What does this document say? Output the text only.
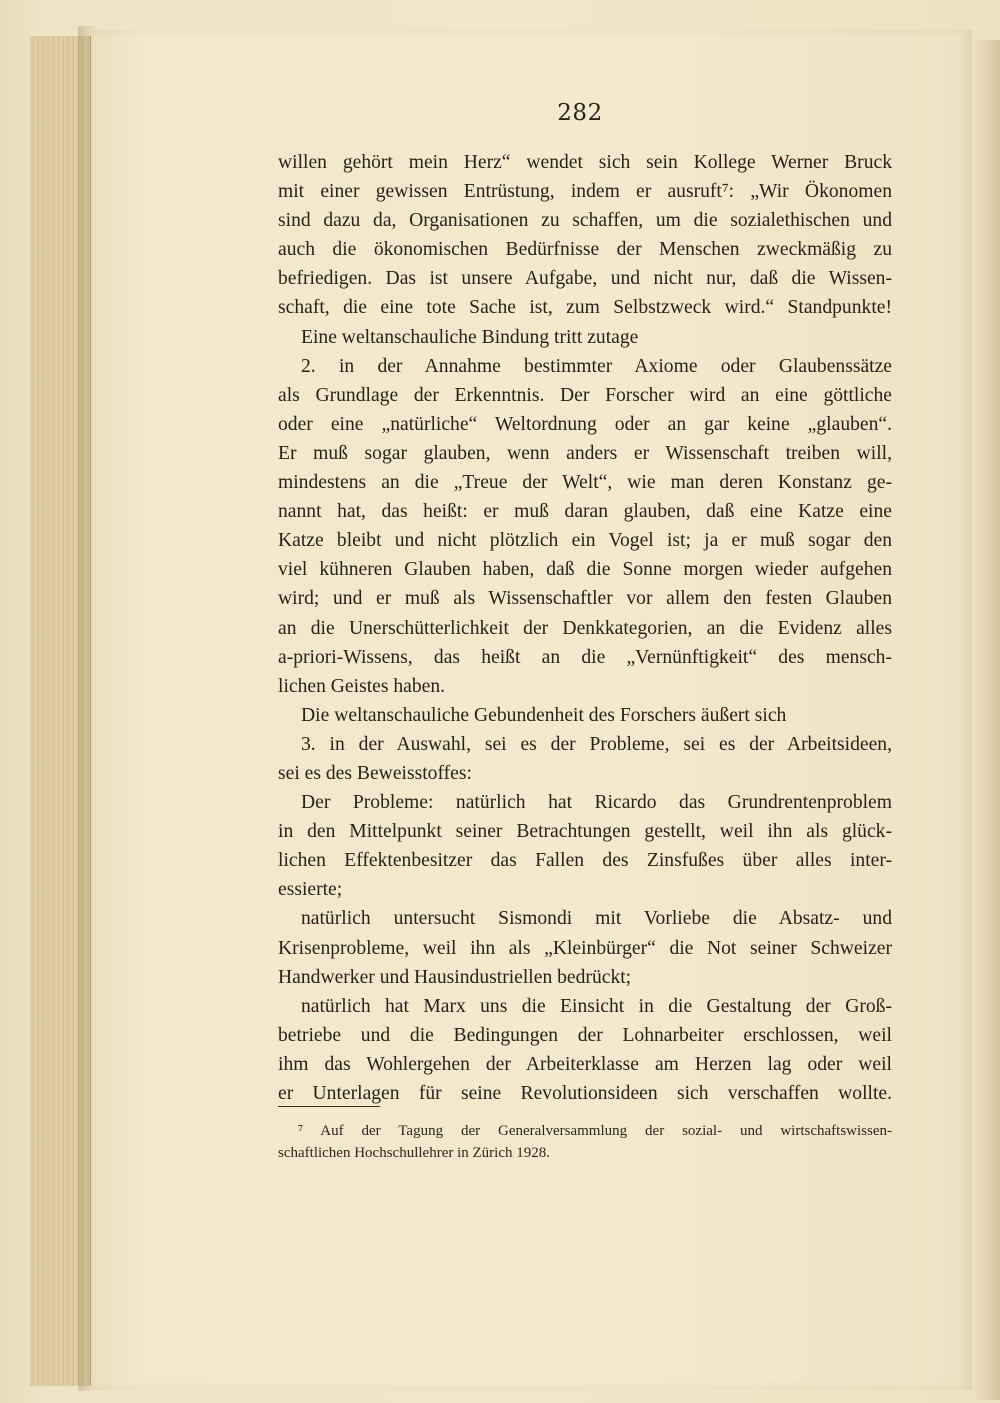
282
willen gehört mein Herz“ wendet sich sein Kollege Werner Bruck
mit einer gewissen Entrüstung, indem er ausruft⁷: „Wir Ökonomen
sind dazu da, Organisationen zu schaffen, um die sozialethischen und
auch die ökonomischen Bedürfnisse der Menschen zweckmäßig zu
befriedigen. Das ist unsere Aufgabe, und nicht nur, daß die Wissen-
schaft, die eine tote Sache ist, zum Selbstzweck wird.“ Standpunkte!
Eine weltanschauliche Bindung tritt zutage
2. in der Annahme bestimmter Axiome oder Glaubenssätze
als Grundlage der Erkenntnis. Der Forscher wird an eine göttliche
oder eine „natürliche“ Weltordnung oder an gar keine „glauben“.
Er muß sogar glauben, wenn anders er Wissenschaft treiben will,
mindestens an die „Treue der Welt“, wie man deren Konstanz ge-
nannt hat, das heißt: er muß daran glauben, daß eine Katze eine
Katze bleibt und nicht plötzlich ein Vogel ist; ja er muß sogar den
viel kühneren Glauben haben, daß die Sonne morgen wieder aufgehen
wird; und er muß als Wissenschaftler vor allem den festen Glauben
an die Unerschütterlichkeit der Denkkategorien, an die Evidenz alles
a-priori-Wissens, das heißt an die „Vernünftigkeit“ des mensch-
lichen Geistes haben.
Die weltanschauliche Gebundenheit des Forschers äußert sich
3. in der Auswahl, sei es der Probleme, sei es der Arbeitsideen,
sei es des Beweisstoffes:
Der Probleme: natürlich hat Ricardo das Grundrentenproblem
in den Mittelpunkt seiner Betrachtungen gestellt, weil ihn als glück-
lichen Effektenbesitzer das Fallen des Zinsfußes über alles inter-
essierte;
natürlich untersucht Sismondi mit Vorliebe die Absatz- und
Krisenprobleme, weil ihn als „Kleinbürger“ die Not seiner Schweizer
Handwerker und Hausindustriellen bedrückt;
natürlich hat Marx uns die Einsicht in die Gestaltung der Groß-
betriebe und die Bedingungen der Lohnarbeiter erschlossen, weil
ihm das Wohlergehen der Arbeiterklasse am Herzen lag oder weil
er Unterlagen für seine Revolutionsideen sich verschaffen wollte.
⁷ Auf der Tagung der Generalversammlung der sozial- und wirtschaftswissen-
schaftlichen Hochschullehrer in Zürich 1928.
